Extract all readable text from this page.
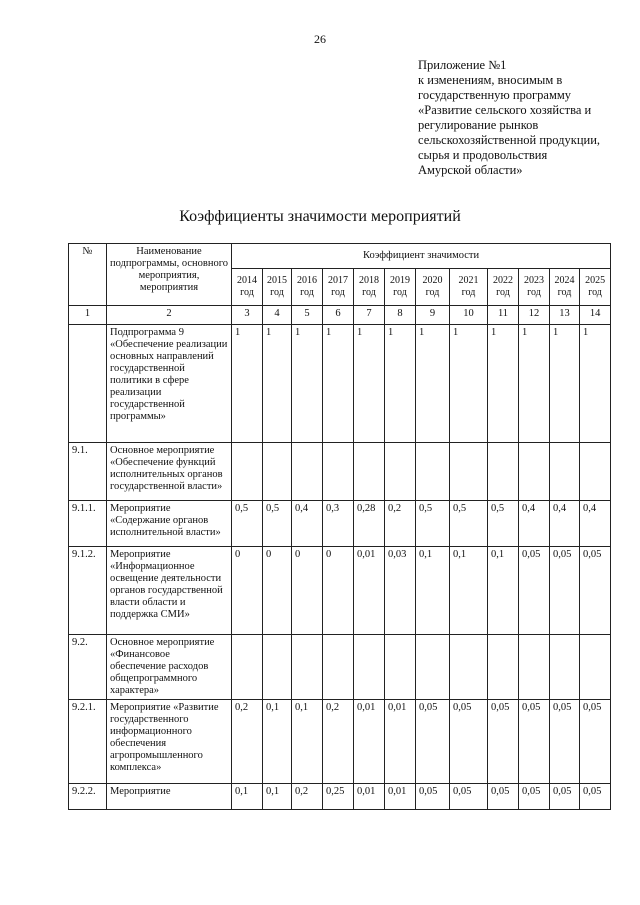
26
Приложение №1
к изменениям, вносимым в
государственную программу
«Развитие сельского хозяйства и
регулирование рынков
сельскохозяйственной продукции,
сырья и продовольствия
Амурской области»
Коэффициенты значимости мероприятий
№	Наименование подпрограммы, основного мероприятия, мероприятия	Коэффициент значимости											
		2014 год	2015 год	2016 год	2017 год	2018 год	2019 год	2020 год	2021 год	2022 год	2023 год	2024 год	2025 год
1	2	3	4	5	6	7	8	9	10	11	12	13	14
	Подпрограмма 9 «Обеспечение реализации основных направлений государственной политики в сфере реализации государственной программы»	1	1	1	1	1	1	1	1	1	1	1	1
9.1.	Основное мероприятие «Обеспечение функций исполнительных органов государственной власти»												
9.1.1.	Мероприятие «Содержание органов исполнительной власти»	0,5	0,5	0,4	0,3	0,28	0,2	0,5	0,5	0,5	0,4	0,4	0,4
9.1.2.	Мероприятие «Информационное освещение деятельности органов государственной власти области и поддержка СМИ»	0	0	0	0	0,01	0,03	0,1	0,1	0,1	0,05	0,05	0,05
9.2.	Основное мероприятие «Финансовое обеспечение расходов общепрограммного характера»												
9.2.1.	Мероприятие «Развитие государственного информационного обеспечения агропромышленного комплекса»	0,2	0,1	0,1	0,2	0,01	0,01	0,05	0,05	0,05	0,05	0,05	0,05
9.2.2.	Мероприятие	0,1	0,1	0,2	0,25	0,01	0,01	0,05	0,05	0,05	0,05	0,05	0,05
